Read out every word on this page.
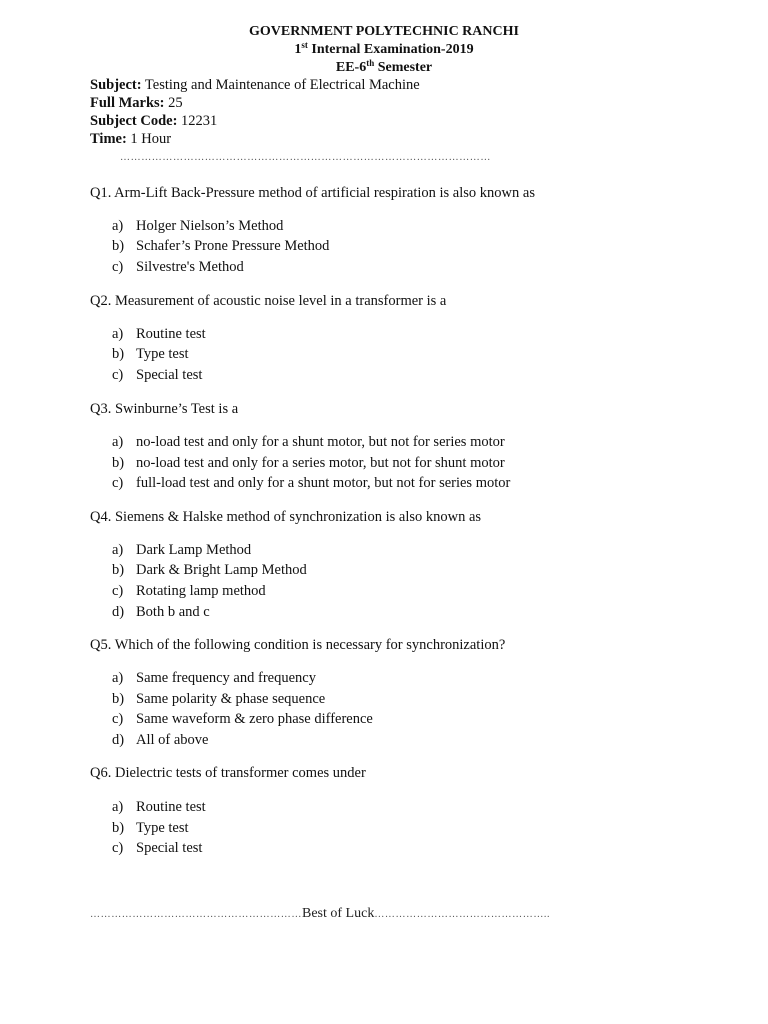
GOVERNMENT POLYTECHNIC RANCHI
1st Internal Examination-2019
EE-6th Semester
Subject: Testing and Maintenance of Electrical Machine
Full Marks: 25
Subject Code: 12231
Time: 1 Hour
……………………………………………………………………………………………
Q1. Arm-Lift Back-Pressure method of artificial respiration is also known as
a) Holger Nielson’s Method
b) Schafer’s Prone Pressure Method
c) Silvestre's Method
Q2. Measurement of acoustic noise level in a transformer is a
a) Routine test
b) Type test
c) Special test
Q3. Swinburne’s Test is a
a) no-load test and only for a shunt motor, but not for series motor
b) no-load test and only for a series motor, but not for shunt motor
c) full-load test and only for a shunt motor, but not for series motor
Q4. Siemens & Halske method of synchronization is also known as
a) Dark Lamp Method
b) Dark & Bright Lamp Method
c) Rotating lamp method
d) Both b and c
Q5. Which of the following condition is necessary for synchronization?
a) Same frequency and frequency
b) Same polarity & phase sequence
c) Same waveform & zero phase difference
d) All of above
Q6. Dielectric tests of transformer comes under
a) Routine test
b) Type test
c) Special test
……………………………………………………Best of Luck…………………………………………..
